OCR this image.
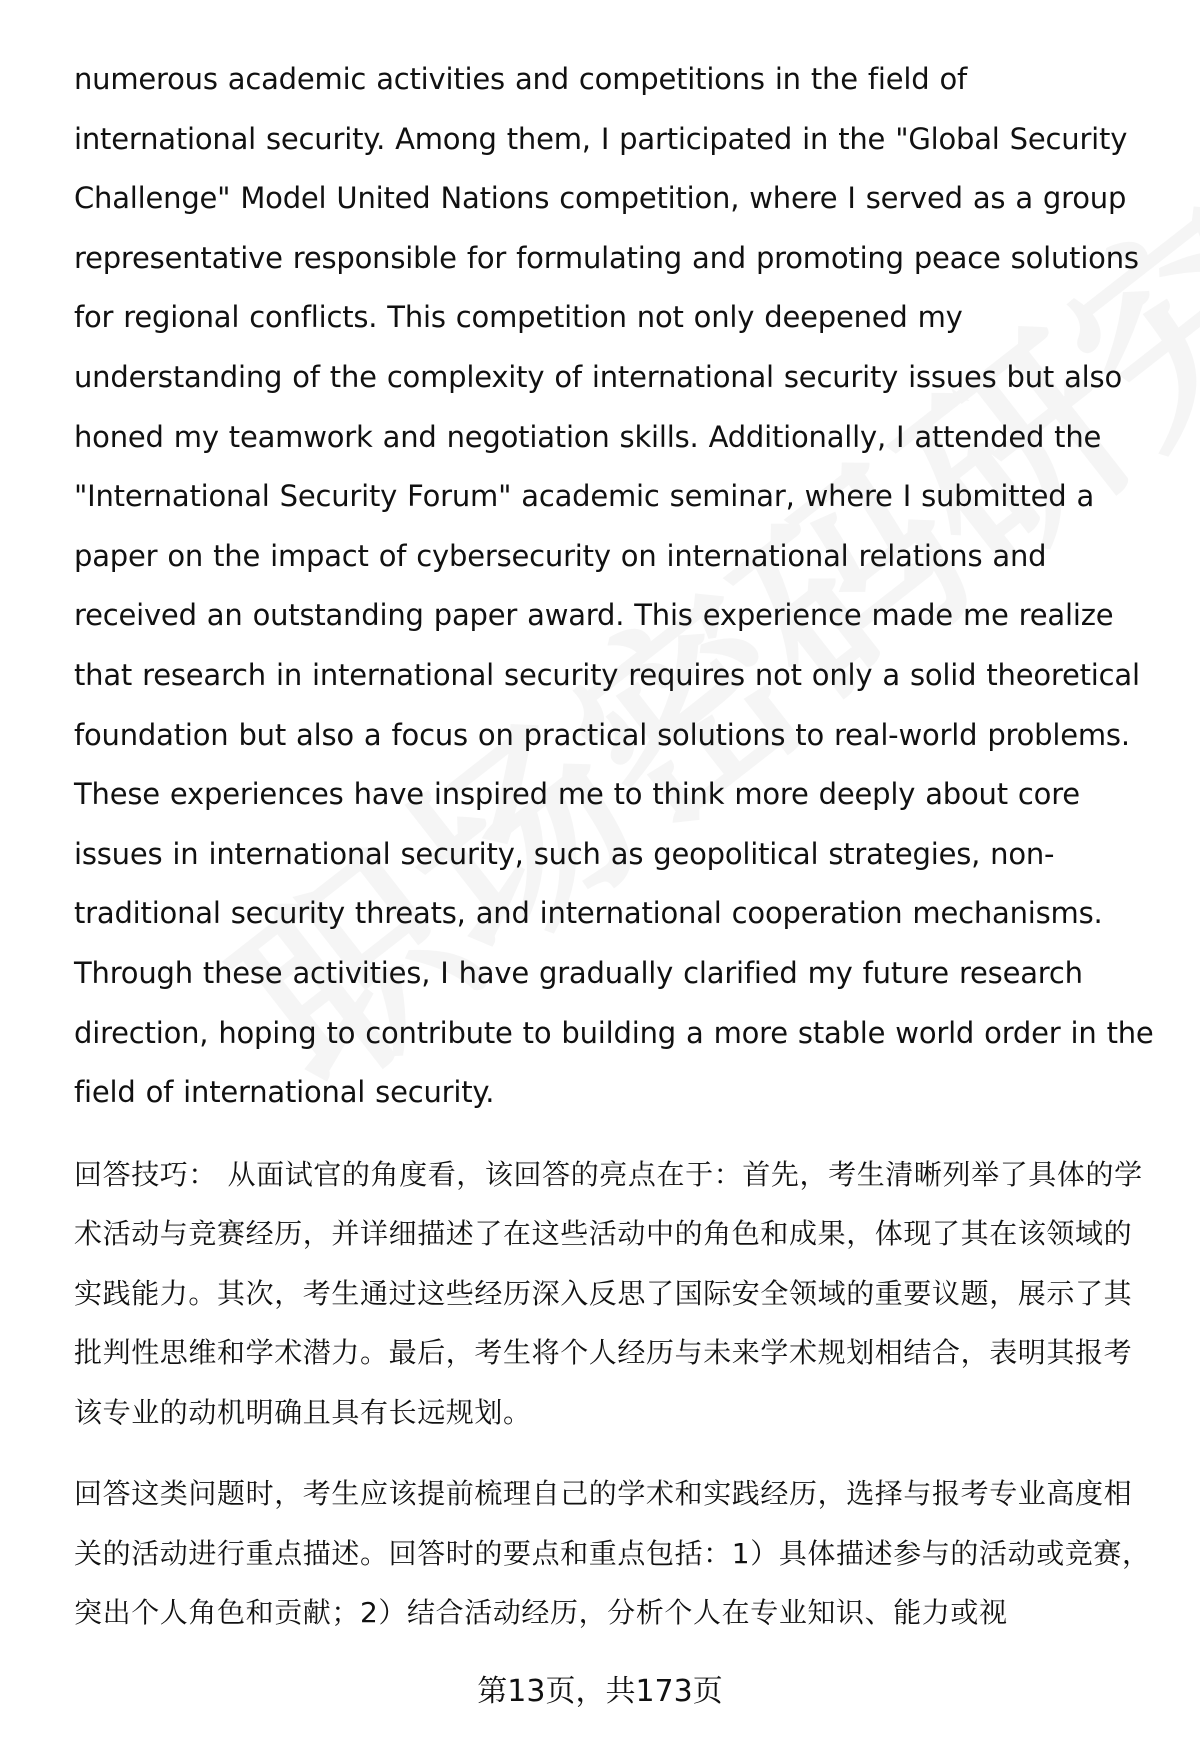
numerous academic activities and competitions in the field of international security. Among them, I participated in the "Global Security Challenge" Model United Nations competition, where I served as a group representative responsible for formulating and promoting peace solutions for regional conflicts. This competition not only deepened my understanding of the complexity of international security issues but also honed my teamwork and negotiation skills. Additionally, I attended the "International Security Forum" academic seminar, where I submitted a paper on the impact of cybersecurity on international relations and received an outstanding paper award. This experience made me realize that research in international security requires not only a solid theoretical foundation but also a focus on practical solutions to real-world problems. These experiences have inspired me to think more deeply about core issues in international security, such as geopolitical strategies, non-traditional security threats, and international cooperation mechanisms. Through these activities, I have gradually clarified my future research direction, hoping to contribute to building a more stable world order in the field of international security.

回答技巧： 从面试官的角度看，该回答的亮点在于：首先，考生清晰列举了具体的学术活动与竞赛经历，并详细描述了在这些活动中的角色和成果，体现了其在该领域的实践能力。其次，考生通过这些经历深入反思了国际安全领域的重要议题，展示了其批判性思维和学术潜力。最后，考生将个人经历与未来学术规划相结合，表明其报考该专业的动机明确且具有长远规划。

回答这类问题时，考生应该提前梳理自己的学术和实践经历，选择与报考专业高度相关的活动进行重点描述。回答时的要点和重点包括：1）具体描述参与的活动或竞赛，突出个人角色和贡献；2）结合活动经历，分析个人在专业知识、能力或视

第13页，共173页
